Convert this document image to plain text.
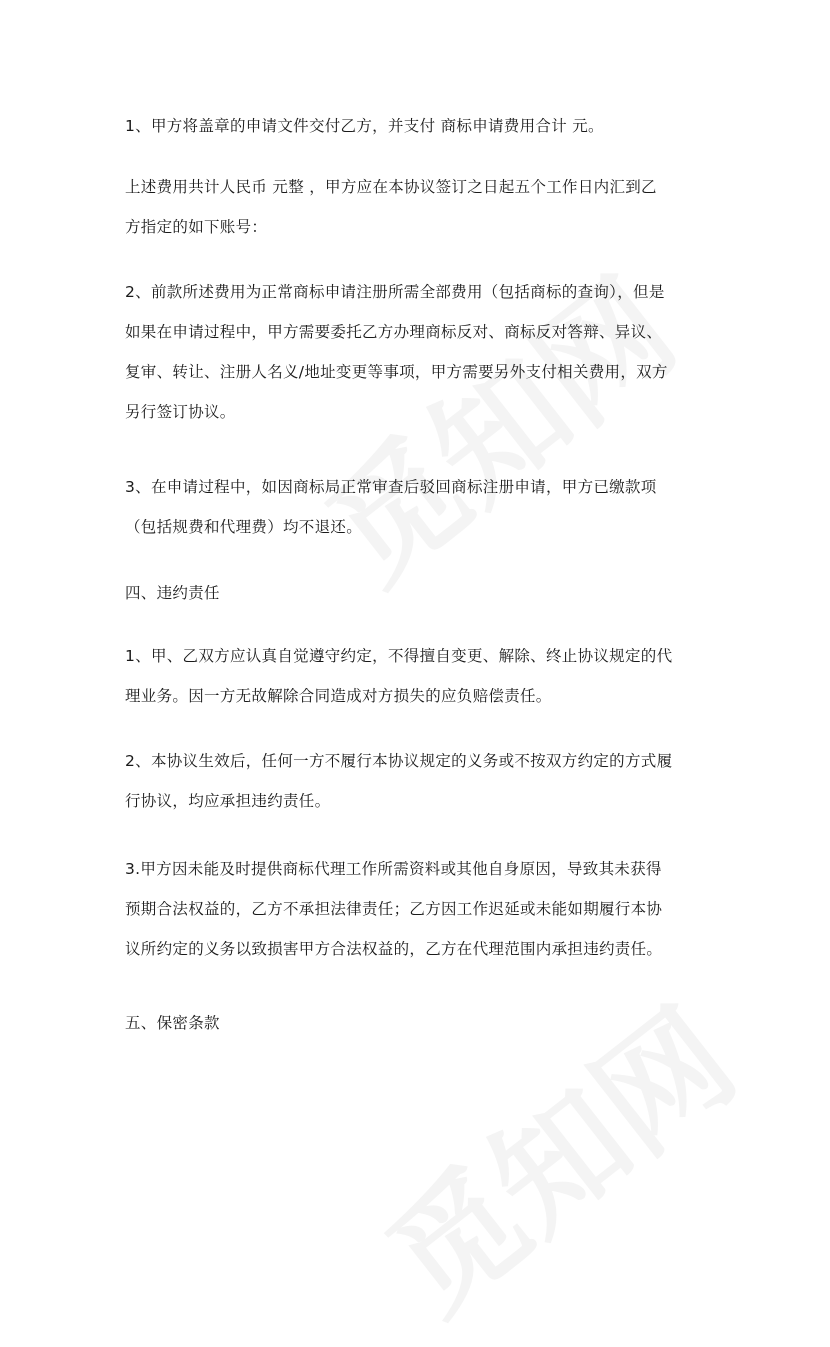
1、甲方将盖章的申请文件交付乙方，并支付 商标申请费用合计 元。

上述费用共计人民币 元整 ，甲方应在本协议签订之日起五个工作日内汇到乙
方指定的如下账号：

2、前款所述费用为正常商标申请注册所需全部费用（包括商标的查询），但是
如果在申请过程中，甲方需要委托乙方办理商标反对、商标反对答辩、异议、
复审、转让、注册人名义/地址变更等事项，甲方需要另外支付相关费用，双方
另行签订协议。

3、在申请过程中，如因商标局正常审查后驳回商标注册申请，甲方已缴款项
（包括规费和代理费）均不退还。

四、违约责任

1、甲、乙双方应认真自觉遵守约定，不得擅自变更、解除、终止协议规定的代
理业务。因一方无故解除合同造成对方损失的应负赔偿责任。

2、本协议生效后，任何一方不履行本协议规定的义务或不按双方约定的方式履
行协议，均应承担违约责任。

3.甲方因未能及时提供商标代理工作所需资料或其他自身原因，导致其未获得
预期合法权益的，乙方不承担法律责任；乙方因工作迟延或未能如期履行本协
议所约定的义务以致损害甲方合法权益的，乙方在代理范围内承担违约责任。

五、保密条款
